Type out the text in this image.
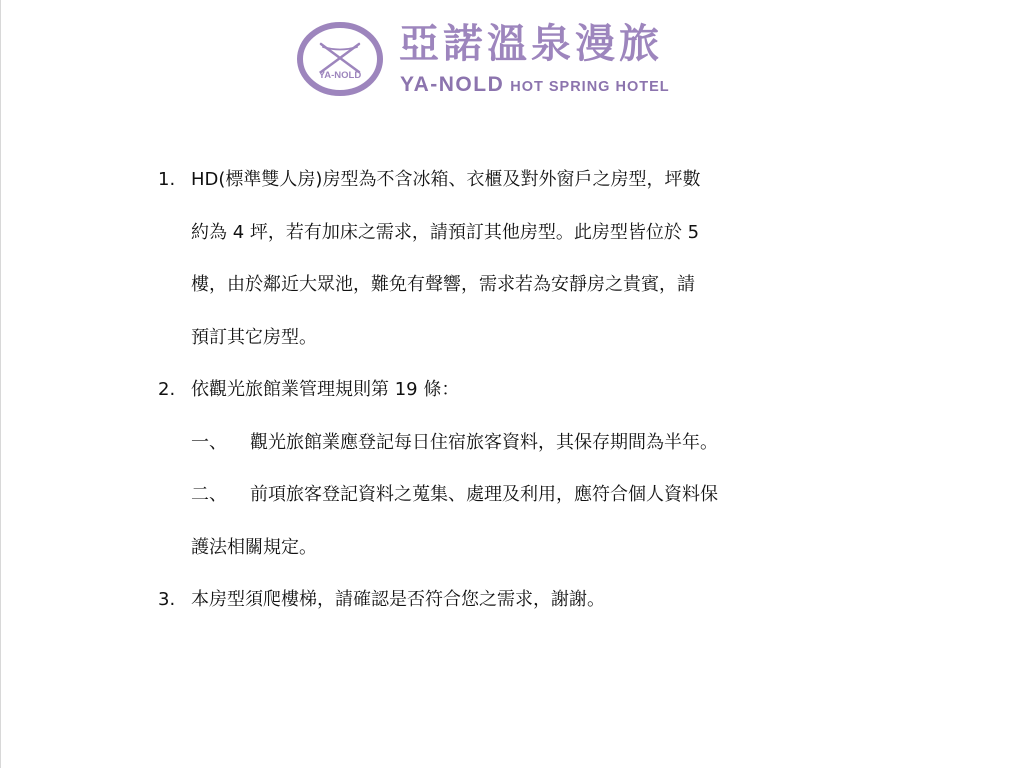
YA-NOLD
亞諾溫泉漫旅
YA-NOLD HOT SPRING HOTEL
1. HD(標準雙人房)房型為不含冰箱、衣櫃及對外窗戶之房型，坪數
約為 4 坪，若有加床之需求，請預訂其他房型。此房型皆位於 5
樓，由於鄰近大眾池，難免有聲響，需求若為安靜房之貴賓，請
預訂其它房型。
2. 依觀光旅館業管理規則第 19 條：
一、 觀光旅館業應登記每日住宿旅客資料，其保存期間為半年。
二、 前項旅客登記資料之蒐集、處理及利用，應符合個人資料保
護法相關規定。
3. 本房型須爬樓梯，請確認是否符合您之需求，謝謝。
